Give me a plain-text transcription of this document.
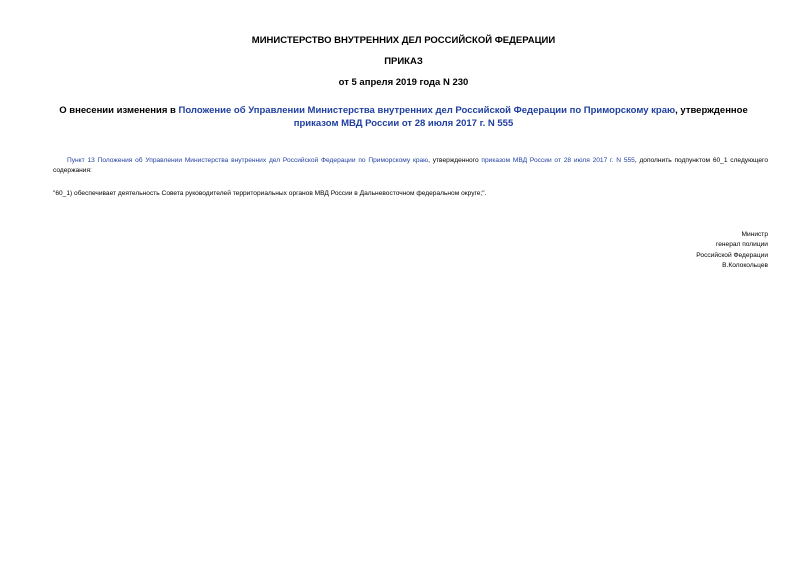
МИНИСТЕРСТВО ВНУТРЕННИХ ДЕЛ РОССИЙСКОЙ ФЕДЕРАЦИИ
ПРИКАЗ
от 5 апреля 2019 года N 230
О внесении изменения в Положение об Управлении Министерства внутренних дел Российской Федерации по Приморскому краю, утвержденное приказом МВД России от 28 июля 2017 г. N 555
Пункт 13 Положения об Управлении Министерства внутренних дел Российской Федерации по Приморскому краю, утвержденного приказом МВД России от 28 июля 2017 г. N 555, дополнить подпунктом 60_1 следующего содержания:
"60_1) обеспечивает деятельность Совета руководителей территориальных органов МВД России в Дальневосточном федеральном округе;".
Министр
генерал полиции
Российской Федерации
В.Колокольцев
